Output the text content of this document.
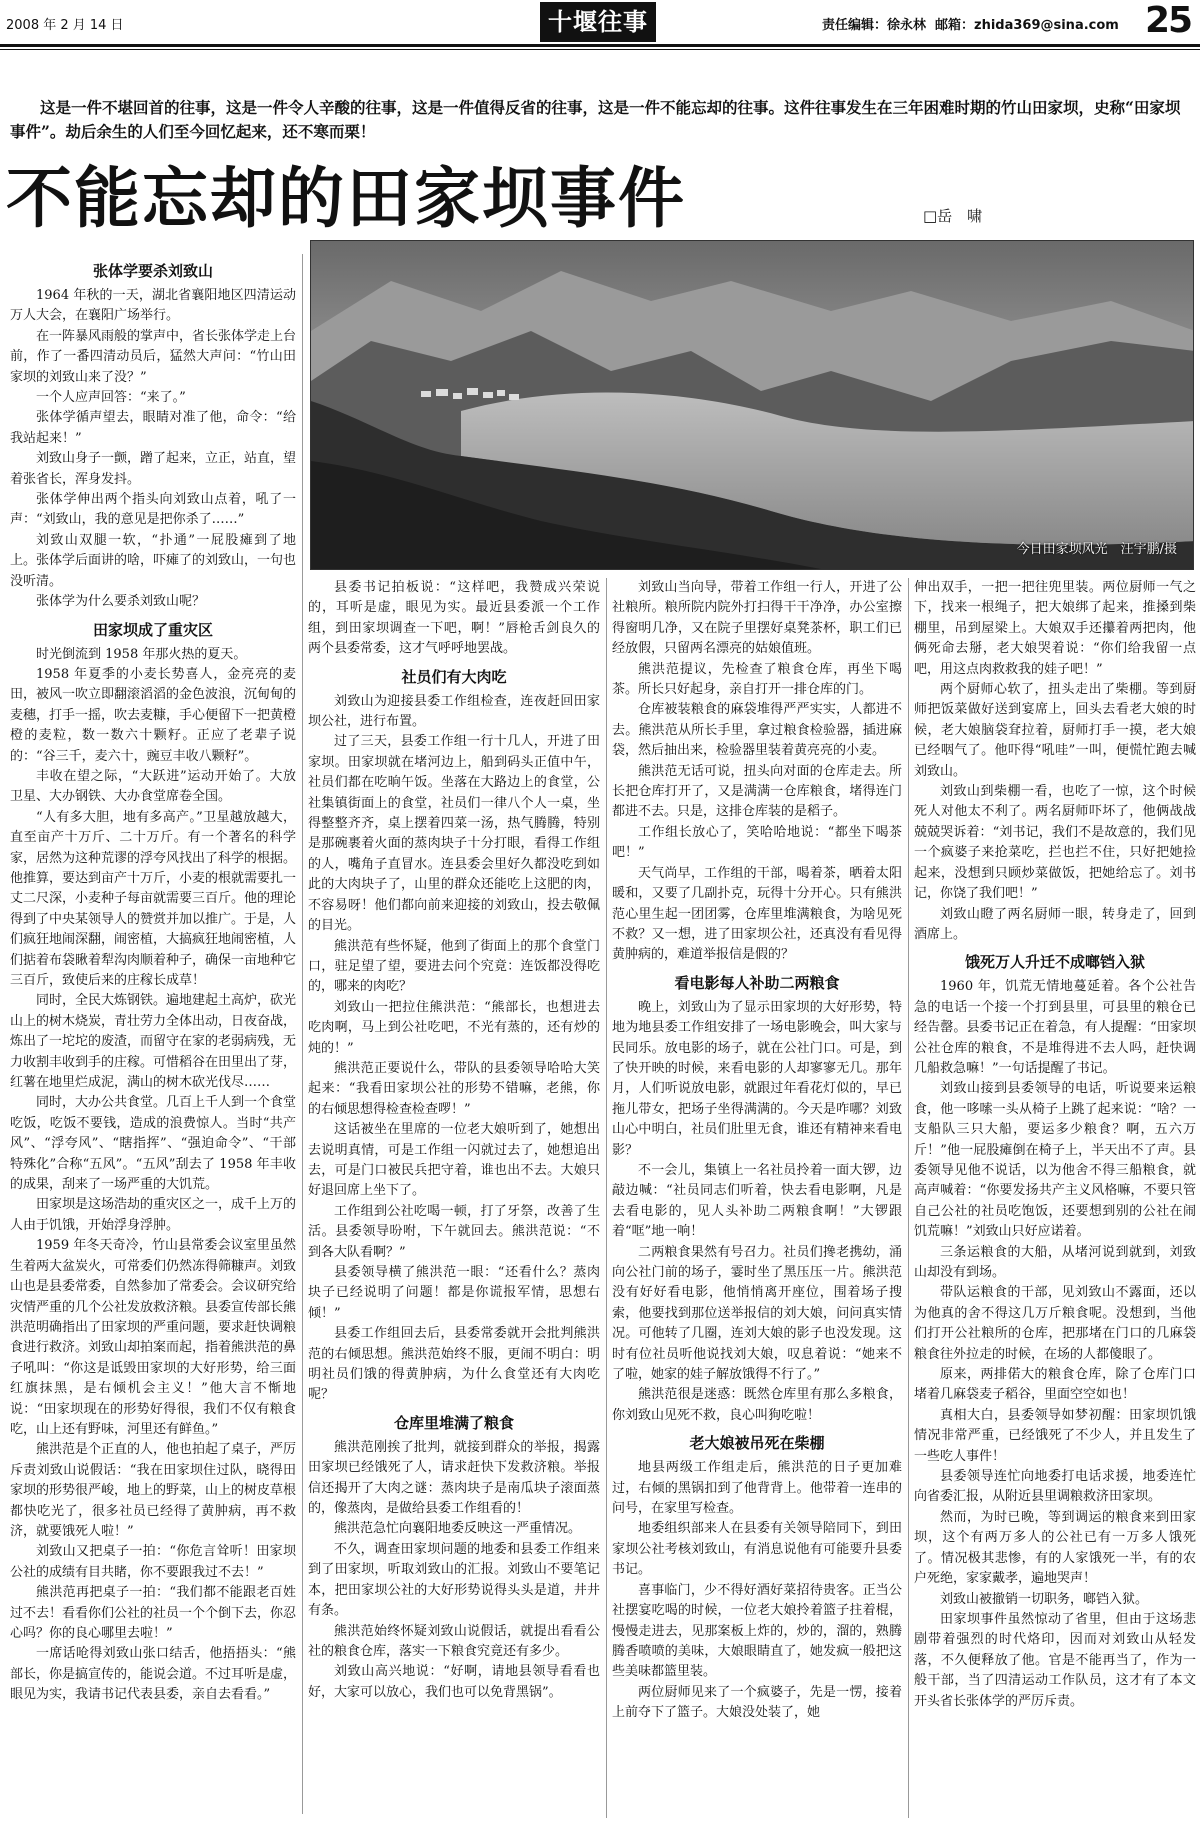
2008 年 2 月 14 日	十堰往事	责任编辑：徐永林 邮箱：zhida369@sina.com 25
这是一件不堪回首的往事，这是一件令人辛酸的往事，这是一件值得反省的往事，这是一件不能忘却的往事。这件往事发生在三年困难时期的竹山田家坝，史称“田家坝事件”。劫后余生的人们至今回忆起来，还不寒而栗！
不能忘却的田家坝事件	□岳　啸
今日田家坝风光　汪宇鹏/摄
张体学要杀刘致山

1964 年秋的一天，湖北省襄阳地区四清运动万人大会，在襄阳广场举行。

在一阵暴风雨般的掌声中，省长张体学走上台前，作了一番四清动员后，猛然大声问：“竹山田家坝的刘致山来了没？”

一个人应声回答：“来了。”

张体学循声望去，眼睛对准了他，命令：“给我站起来！”

刘致山身子一颤，蹭了起来，立正，站直，望着张省长，浑身发抖。

张体学伸出两个指头向刘致山点着，吼了一声：“刘致山，我的意见是把你杀了……”

刘致山双腿一软，“扑通”一屁股瘫到了地上。张体学后面讲的啥，吓瘫了的刘致山，一句也没听清。

张体学为什么要杀刘致山呢？

田家坝成了重灾区

时光倒流到 1958 年那火热的夏天。

1958 年夏季的小麦长势喜人，金亮亮的麦田，被风一吹立即翻滚滔滔的金色波浪，沉甸甸的麦穗，打手一摇，吹去麦糠，手心便留下一把黄橙橙的麦粒，数一数六十颗籽。正应了老辈子说的：“谷三千，麦六十，豌豆丰收八颗籽”。

丰收在望之际，“大跃进”运动开始了。大放卫星、大办钢铁、大办食堂席卷全国。

“人有多大胆，地有多高产。”卫星越放越大，直至亩产十万斤、二十万斤。有一个著名的科学家，居然为这种荒谬的浮夸风找出了科学的根据。他推算，要达到亩产十万斤，小麦的根就需要扎一丈二尺深，小麦种子每亩就需要三百斤。他的理论得到了中央某领导人的赞赏并加以推广。于是，人们疯狂地闹深翻，闹密植，大搞疯狂地闹密植，人们掂着布袋瞅着犁沟肉顺着种子，确保一亩地种它三百斤，致使后来的庄稼长成草！

同时，全民大炼钢铁。遍地建起土高炉，砍光山上的树木烧炭，青壮劳力全体出动，日夜奋战，炼出了一坨坨的废渣，而留守在家的老弱病残，无力收割丰收到手的庄稼。可惜稻谷在田里出了芽，红薯在地里烂成泥，满山的树木砍光伐尽……

同时，大办公共食堂。几百上千人到一个食堂吃饭，吃饭不要钱，造成的浪费惊人。当时“共产风”、“浮夸风”、“瞎指挥”、“强迫命令”、“干部特殊化”合称“五风”。“五风”刮去了 1958 年丰收的成果，刮来了一场严重的大饥荒。

田家坝是这场浩劫的重灾区之一，成千上万的人由于饥饿，开始浮身浮肿。

1959 年冬天奇冷，竹山县常委会议室里虽然生着两大盆炭火，可常委们仍然冻得筛糠声。刘致山也是县委常委，自然参加了常委会。会议研究给灾情严重的几个公社发放救济粮。县委宣传部长熊洪范明确指出了田家坝的严重问题，要求赶快调粮食进行救济。刘致山却拍案而起，指着熊洪范的鼻子吼叫：“你这是诋毁田家坝的大好形势，给三面红旗抹黑，是右倾机会主义！”他大言不惭地说：“田家坝现在的形势好得很，我们不仅有粮食吃，山上还有野味，河里还有鲜鱼。”

熊洪范是个正直的人，他也拍起了桌子，严厉斥责刘致山说假话：“我在田家坝住过队，晓得田家坝的形势很严峻，地上的野菜，山上的树皮草根都快吃光了，很多社员已经得了黄肿病，再不救济，就要饿死人啦！”

刘致山又把桌子一拍：“你危言耸听！田家坝公社的成绩有目共睹，你不要跟我过不去！”

熊洪范再把桌子一拍：“我们都不能跟老百姓过不去！看看你们公社的社员一个个倒下去，你忍心吗？你的良心哪里去啦！”

一席话呛得刘致山张口结舌，他捂捂头：“熊部长，你是搞宣传的，能说会道。不过耳听是虚，眼见为实，我请书记代表县委，亲自去看看。”

县委书记拍板说：“这样吧，我赞成兴荣说的，耳听是虚，眼见为实。最近县委派一个工作组，到田家坝调查一下吧，啊！”唇枪舌剑良久的两个县委常委，这才气呼呼地罢战。

社员们有大肉吃

刘致山为迎接县委工作组检查，连夜赶回田家坝公社，进行布置。

过了三天，县委工作组一行十几人，开进了田家坝。田家坝就在堵河边上，船到码头正值中午，社员们都在吃晌午饭。坐落在大路边上的食堂，公社集镇街面上的食堂，社员们一律八个人一桌，坐得整整齐齐，桌上摆着四菜一汤，热气腾腾，特别是那碗裹着火面的蒸肉块子十分打眼，看得工作组的人，嘴角子直冒水。连县委会里好久都没吃到如此的大肉块子了，山里的群众还能吃上这肥的肉，不容易呀！他们都向前来迎接的刘致山，投去敬佩的目光。

熊洪范有些怀疑，他到了街面上的那个食堂门口，驻足望了望，要进去问个究竟：连饭都没得吃的，哪来的肉吃？

刘致山一把拉住熊洪范：“熊部长，也想进去吃肉啊，马上到公社吃吧，不光有蒸的，还有炒的炖的！”

熊洪范正要说什么，带队的县委领导哈哈大笑起来：“我看田家坝公社的形势不错嘛，老熊，你的右倾思想得检查检查啰！”

这话被坐在里席的一位老大娘听到了，她想出去说明真情，可是工作组一闪就过去了，她想追出去，可是门口被民兵把守着，谁也出不去。大娘只好退回席上坐下了。

工作组到公社吃喝一顿，打了牙祭，改善了生活。县委领导吩咐，下午就回去。熊洪范说：“不到各大队看啊？”

县委领导横了熊洪范一眼：“还看什么？蒸肉块子已经说明了问题！都是你谎报军情，思想右倾！”

县委工作组回去后，县委常委就开会批判熊洪范的右倾思想。熊洪范始终不服，更闹不明白：明明社员们饿的得黄肿病，为什么食堂还有大肉吃呢？

仓库里堆满了粮食

熊洪范刚挨了批判，就接到群众的举报，揭露田家坝已经饿死了人，请求赶快下发救济粮。举报信还揭开了大肉之谜：蒸肉块子是南瓜块子滚面蒸的，像蒸肉，是做给县委工作组看的！

熊洪范急忙向襄阳地委反映这一严重情况。

不久，调查田家坝问题的地委和县委工作组来到了田家坝，听取刘致山的汇报。刘致山不要笔记本，把田家坝公社的大好形势说得头头是道，井井有条。

熊洪范始终怀疑刘致山说假话，就提出看看公社的粮食仓库，落实一下粮食究竟还有多少。

刘致山高兴地说：“好啊，请地县领导看看也好，大家可以放心，我们也可以免背黑锅”。

刘致山当向导，带着工作组一行人，开进了公社粮所。粮所院内院外打扫得干干净净，办公室擦得窗明几净，又在院子里摆好桌凳茶杯，职工们已经放假，只留两名漂亮的姑娘值班。

熊洪范提议，先检查了粮食仓库，再坐下喝茶。所长只好起身，亲自打开一排仓库的门。

仓库被装粮食的麻袋堆得严严实实，人都进不去。熊洪范从所长手里，拿过粮食检验器，插进麻袋，然后抽出来，检验器里装着黄亮亮的小麦。

熊洪范无话可说，扭头向对面的仓库走去。所长把仓库打开了，又是满满一仓库粮食，堵得连门都进不去。只是，这排仓库装的是稻子。

工作组长放心了，笑哈哈地说：“都坐下喝茶吧！”

天气尚早，工作组的干部，喝着茶，晒着太阳暖和，又要了几副扑克，玩得十分开心。只有熊洪范心里生起一团团雾，仓库里堆满粮食，为啥见死不救？又一想，进了田家坝公社，还真没有看见得黄肿病的，难道举报信是假的？

看电影每人补助二两粮食

晚上，刘致山为了显示田家坝的大好形势，特地为地县委工作组安排了一场电影晚会，叫大家与民同乐。放电影的场子，就在公社门口。可是，到了快开映的时候，来看电影的人却寥寥无几。那年月，人们听说放电影，就跟过年看花灯似的，早已拖儿带女，把场子坐得满满的。今天是咋哪？刘致山心中明白，社员们肚里无食，谁还有精神来看电影？

不一会儿，集镇上一名社员拎着一面大锣，边敲边喊：“社员同志们听着，快去看电影啊，凡是去看电影的，见人头补助二两粮食啊！”大锣跟着“哐”地一响！

二两粮食果然有号召力。社员们搀老携幼，涌向公社门前的场子，霎时坐了黑压压一片。熊洪范没有好好看电影，他悄悄离开座位，围着场子搜索，他要找到那位送举报信的刘大娘，问问真实情况。可他转了几圈，连刘大娘的影子也没发现。这时有位社员听他说找刘大娘，叹息着说：“她来不了啦，她家的娃子解放饿得不行了。”

熊洪范很是迷惑：既然仓库里有那么多粮食，你刘致山见死不救，良心叫狗吃啦！

老大娘被吊死在柴棚

地县两级工作组走后，熊洪范的日子更加难过，右倾的黑锅扣到了他背背上。他带着一连串的问号，在家里写检查。

地委组织部来人在县委有关领导陪同下，到田家坝公社考核刘致山，有消息说他有可能要升县委书记。

喜事临门，少不得好酒好菜招待贵客。正当公社摆宴吃喝的时候，一位老大娘拎着篮子拄着棍，慢慢走进去，见那案板上炸的，炒的，溜的，熟腾腾香喷喷的美味，大娘眼睛直了，她发疯一般把这些美味都篮里装。

两位厨师见来了一个疯婆子，先是一愣，接着上前夺下了篮子。大娘没处装了，她

伸出双手，一把一把往兜里装。两位厨师一气之下，找来一根绳子，把大娘绑了起来，推搡到柴棚里，吊到屋梁上。大娘双手还攥着两把肉，他俩死命去掰，老大娘哭着说：“你们给我留一点吧，用这点肉救救我的娃子吧！”

两个厨师心软了，扭头走出了柴棚。等到厨师把饭菜做好送到宴席上，回头去看老大娘的时候，老大娘脑袋耷拉着，厨师打手一摸，老大娘已经咽气了。他吓得“吼哇”一叫，便慌忙跑去喊刘致山。

刘致山到柴棚一看，也吃了一惊，这个时候死人对他太不利了。两名厨师吓坏了，他俩战战兢兢哭诉着：“刘书记，我们不是故意的，我们见一个疯婆子来抢菜吃，拦也拦不住，只好把她捡起来，没想到只顾炒菜做饭，把她给忘了。刘书记，你饶了我们吧！”

刘致山瞪了两名厨师一眼，转身走了，回到酒席上。

饿死万人升迁不成啷铛入狱

1960 年，饥荒无情地蔓延着。各个公社告急的电话一个接一个打到县里，可县里的粮仓已经告罄。县委书记正在着急，有人提醒：“田家坝公社仓库的粮食，不是堆得进不去人吗，赶快调几船救急嘛！”一句话提醒了书记。

刘致山接到县委领导的电话，听说要来运粮食，他一哆嗦一头从椅子上跳了起来说：“啥？一支船队三只大船，要运多少粮食？啊，五六万斤！”他一屁股瘫倒在椅子上，半天出不了声。县委领导见他不说话，以为他舍不得三船粮食，就高声喊着：“你要发扬共产主义风格嘛，不要只管自己公社的社员吃饱饭，还要想到别的公社在闹饥荒嘛！”刘致山只好应诺着。

三条运粮食的大船，从堵河说到就到，刘致山却没有到场。

带队运粮食的干部，见刘致山不露面，还以为他真的舍不得这几万斤粮食呢。没想到，当他们打开公社粮所的仓库，把那堵在门口的几麻袋粮食往外拉走的时候，在场的人都傻眼了。

原来，两排偌大的粮食仓库，除了仓库门口堵着几麻袋麦子稻谷，里面空空如也！

真相大白，县委领导如梦初醒：田家坝饥饿情况非常严重，已经饿死了不少人，并且发生了一些吃人事件！

县委领导连忙向地委打电话求援，地委连忙向省委汇报，从附近县里调粮救济田家坝。

然而，为时已晚，等到调运的粮食来到田家坝，这个有两万多人的公社已有一万多人饿死了。情况极其悲惨，有的人家饿死一半，有的农户死绝，家家戴孝，遍地哭声！

刘致山被撤销一切职务，啷铛入狱。

田家坝事件虽然惊动了省里，但由于这场悲剧带着强烈的时代烙印，因而对刘致山从轻发落，不久便释放了他。官是不能再当了，作为一般干部，当了四清运动工作队员，这才有了本文开头省长张体学的严厉斥责。
